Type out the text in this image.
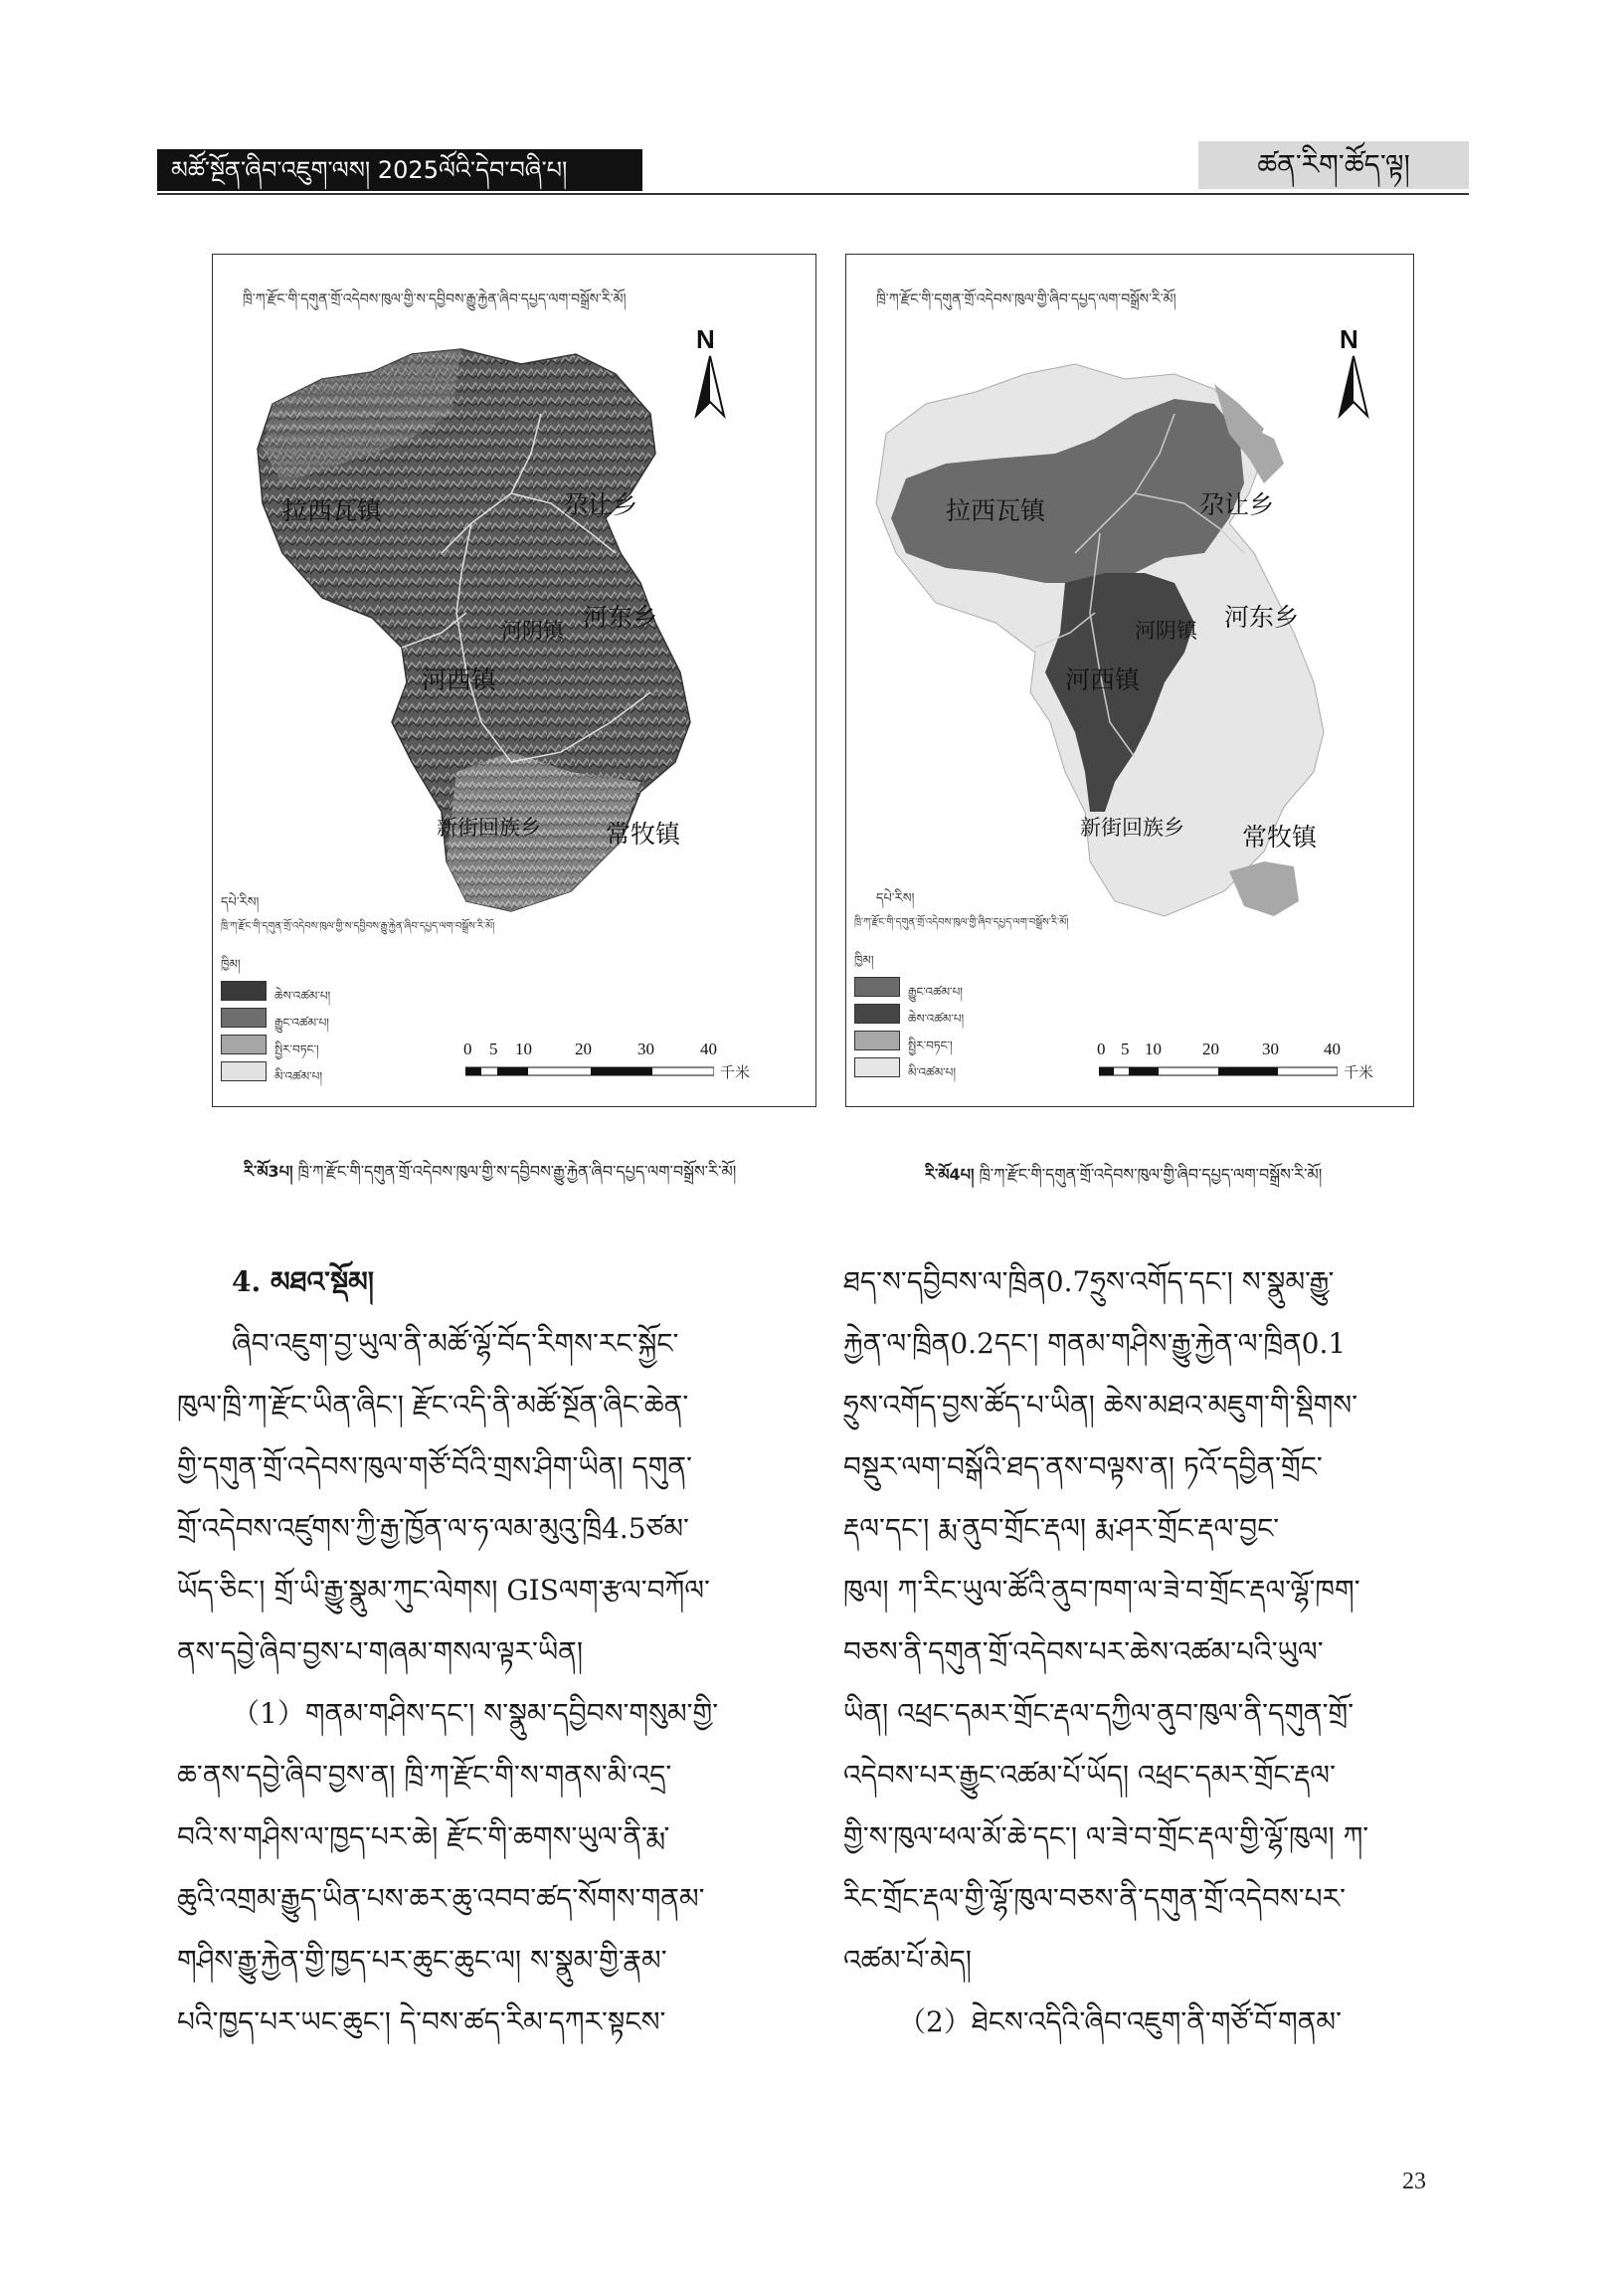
མཚོ་སྔོན་ཞིབ་འཇུག་ལས། 2025ལོའི་དེབ་བཞི་པ།	ཚན་རིག་ཚོད་ལྟ།
ཁྲི་ཀ་རྫོང་གི་དགུན་གྲོ་འདེབས་ཁུལ་གྱི་ས་དབྱིབས་རྒྱུ་རྐྱེན་ཞིབ་དཔྱད་ལག་བསྒྲོས་རི་མོ།
N
拉西瓦镇	尕让乡
河阴镇 河东乡
河西镇
新街回族乡	常牧镇
དཔེ་རིས།
ཁྲི་ཀ་རྫོང་གི་དགུན་གྲོ་འདེབས་ཁུལ་གྱི་ས་དབྱིབས་རྒྱུ་རྐྱེན་ཞིབ་དཔྱད་ལག་བསྒྲོས་རི་མོ།
ཁྱིམ།
ཆེས་འཚམ་པ།
རྒྱུང་འཚམ་པ།
སྤྱིར་བཏང་།
མི་འཚམ་པ།
0 5 10	20	30	40
千米
ཁྲི་ཀ་རྫོང་གི་དགུན་གྲོ་འདེབས་ཁུལ་གྱི་ཞིབ་དཔྱད་ལག་བསྒྲོས་རི་མོ།
N
拉西瓦镇	尕让乡
河阴镇 河东乡
河西镇
新街回族乡 常牧镇
དཔེ་རིས།
ཁྲི་ཀ་རྫོང་གི་དགུན་གྲོ་འདེབས་ཁུལ་གྱི་ཞིབ་དཔྱད་ལག་བསྒྲོས་རི་མོ།
ཁྱིམ།
རྒྱུང་འཚམ་པ།
ཆེས་འཚམ་པ།
སྤྱིར་བཏང་།
མི་འཚམ་པ།
0 5 10 20	30	40
千米
རི་མོ3པ། ཁྲི་ཀ་རྫོང་གི་དགུན་གྲོ་འདེབས་ཁུལ་གྱི་ས་དབྱིབས་རྒྱུ་རྐྱེན་ཞིབ་དཔྱད་ལག་བསྒྲོས་རི་མོ།	རི་མོ4པ། ཁྲི་ཀ་རྫོང་གི་དགུན་གྲོ་འདེབས་ཁུལ་གྱི་ཞིབ་དཔྱད་ལག་བསྒྲོས་རི་མོ།

4. མཐའ་སྡོམ།

ཞིབ་འཇུག་བྱ་ཡུལ་ནི་མཚོ་ལྷོ་བོད་རིགས་རང་སྐྱོང་

ཁུལ་ཁྲི་ཀ་རྫོང་ཡིན་ཞིང་། རྫོང་འདི་ནི་མཚོ་སྔོན་ཞིང་ཆེན་

གྱི་དགུན་གྲོ་འདེབས་ཁུལ་གཙོ་བོའི་གྲས་ཤིག་ཡིན། དགུན་

གྲོ་འདེབས་འཛུགས་ཀྱི་རྒྱ་ཁྱོན་ལ་ཧ་ལམ་མུའུ་ཁྲི4.5ཙམ་

ཡོད་ཅིང་། གྲོ་ཡི་རྒྱུ་སྣུམ་ཀུང་ལེགས། GISལག་རྩལ་བཀོལ་

ནས་དབྱེ་ཞིབ་བྱས་པ་གཞམ་གསལ་ལྟར་ཡིན།

（1）གནམ་གཤིས་དང་། ས་སྣུམ་དབྱིབས་གསུམ་གྱི་

ཆ་ནས་དབྱེ་ཞིབ་བྱས་ན། ཁྲི་ཀ་རྫོང་གི་ས་གནས་མི་འདྲ་

བའི་ས་གཤིས་ལ་ཁྱད་པར་ཆེ། རྫོང་གི་ཆགས་ཡུལ་ནི་རྨ་

ཆུའི་འགྲམ་རྒྱུད་ཡིན་པས་ཆར་ཆུ་འབབ་ཚད་སོགས་གནམ་

གཤིས་རྒྱུ་རྐྱེན་གྱི་ཁྱད་པར་ཆུང་ཆུང་ལ། ས་སྣུམ་གྱི་རྣམ་

པའི་ཁྱད་པར་ཡང་ཆུང་། དེ་བས་ཚད་རིམ་དཀར་སྟངས་

ཐད་ས་དབྱིབས་ལ་ཁྲིན0.7ཧྲུས་འགོད་དང་། ས་སྣུམ་རྒྱུ་

རྐྱེན་ལ་ཁྲིན0.2དང་། གནམ་གཤིས་རྒྱུ་རྐྱེན་ལ་ཁྲིན0.1

ཧྲུས་འགོད་བྱས་ཚོད་པ་ཡིན། ཆེས་མཐའ་མཇུག་གི་སྡིགས་

བསྡུར་ལག་བསྒོའི་ཐད་ནས་བལྟས་ན། ཏའོ་དབྱིན་གྲོང་

རྡལ་དང་། རྨ་ནུབ་གྲོང་རྡལ། རྨ་ཤར་གྲོང་རྡལ་བྱང་

ཁུལ། ཀ་རིང་ཡུལ་ཚོའི་ནུབ་ཁག་ལ་ཟེ་བ་གྲོང་རྡལ་ལྷོ་ཁག་

བཅས་ནི་དགུན་གྲོ་འདེབས་པར་ཆེས་འཚམ་པའི་ཡུལ་

ཡིན། འཕྲང་དམར་གྲོང་རྡལ་དཀྱིལ་ནུབ་ཁུལ་ནི་དགུན་གྲོ་

འདེབས་པར་རྒྱུང་འཚམ་པོ་ཡོད། འཕྲང་དམར་གྲོང་རྡལ་

གྱི་ས་ཁུལ་ཕལ་མོ་ཆེ་དང་། ལ་ཟེ་བ་གྲོང་རྡལ་གྱི་ལྷོ་ཁུལ། ཀ་

རིང་གྲོང་རྡལ་གྱི་ལྷོ་ཁུལ་བཅས་ནི་དགུན་གྲོ་འདེབས་པར་

འཚམ་པོ་མེད།

（2）ཐེངས་འདིའི་ཞིབ་འཇུག་ནི་གཙོ་བོ་གནམ་

23
